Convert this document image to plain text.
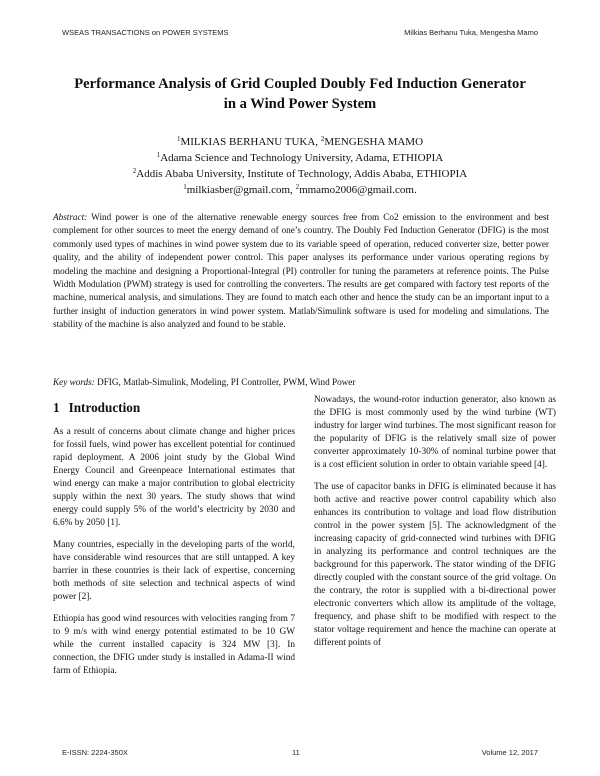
WSEAS TRANSACTIONS on POWER SYSTEMS	Milkias Berhanu Tuka, Mengesha Mamo
Performance Analysis of Grid Coupled Doubly Fed Induction Generator
in a Wind Power System
$^1$MILKIAS BERHANU TUKA, $^2$MENGESHA MAMO
$^1$Adama Science and Technology University, Adama, ETHIOPIA
$^2$Addis Ababa University, Institute of Technology, Addis Ababa, ETHIOPIA
$^1$milkiasber@gmail.com, $^2$mmamo2006@gmail.com.
Abstract: Wind power is one of the alternative renewable energy sources free from Co2 emission to the environment and best complement for other sources to meet the energy demand of one’s country. The Doubly Fed Induction Generator (DFIG) is the most commonly used types of machines in wind power system due to its variable speed of operation, reduced converter size, better power quality, and the ability of independent power control. This paper analyses its performance under various operating regions by modeling the machine and designing a Proportional-Integral (PI) controller for tuning the parameters at reference points. The Pulse Width Modulation (PWM) strategy is used for controlling the converters. The results are get compared with factory test reports of the machine, numerical analysis, and simulations. They are found to match each other and hence the study can be an important input to a further insight of induction generators in wind power system. Matlab/Simulink software is used for modeling and simulations. The stability of the machine is also analyzed and found to be stable.
Key words: DFIG, Matlab-Simulink, Modeling, PI Controller, PWM, Wind Power
1 Introduction

As a result of concerns about climate change and higher prices for fossil fuels, wind power has excellent potential for continued rapid deployment. A 2006 joint study by the Global Wind Energy Council and Greenpeace International estimates that wind energy can make a major contribution to global electricity supply within the next 30 years. The study shows that wind energy could supply 5% of the world’s electricity by 2030 and 6.6% by 2050 [1].

Many countries, especially in the developing parts of the world, have considerable wind resources that are still untapped. A key barrier in these countries is their lack of expertise, concerning both methods of site selection and technical aspects of wind power [2].

Ethiopia has good wind resources with velocities ranging from 7 to 9 m/s with wind energy potential estimated to be 10 GW while the current installed capacity is 324 MW [3]. In connection, the DFIG under study is installed in Adama-II wind farm of Ethiopia.

Nowadays, the wound-rotor induction generator, also known as the DFIG is most commonly used by the wind turbine (WT) industry for larger wind turbines. The most significant reason for the popularity of DFIG is the relatively small size of power converter approximately 10-30% of nominal turbine power that is a cost efficient solution in order to obtain variable speed [4].

The use of capacitor banks in DFIG is eliminated because it has both active and reactive power control capability which also enhances its contribution to voltage and load flow distribution control in the power system [5]. The acknowledgment of the increasing capacity of grid-connected wind turbines with DFIG in analyzing its performance and control techniques are the background for this paperwork. The stator winding of the DFIG directly coupled with the constant source of the grid voltage. On the contrary, the rotor is supplied with a bi-directional power electronic converters which allow its amplitude of the voltage, frequency, and phase shift to be modified with respect to the stator voltage requirement and hence the machine can operate at different points of

E-ISSN: 2224-350X	11	Volume 12, 2017
